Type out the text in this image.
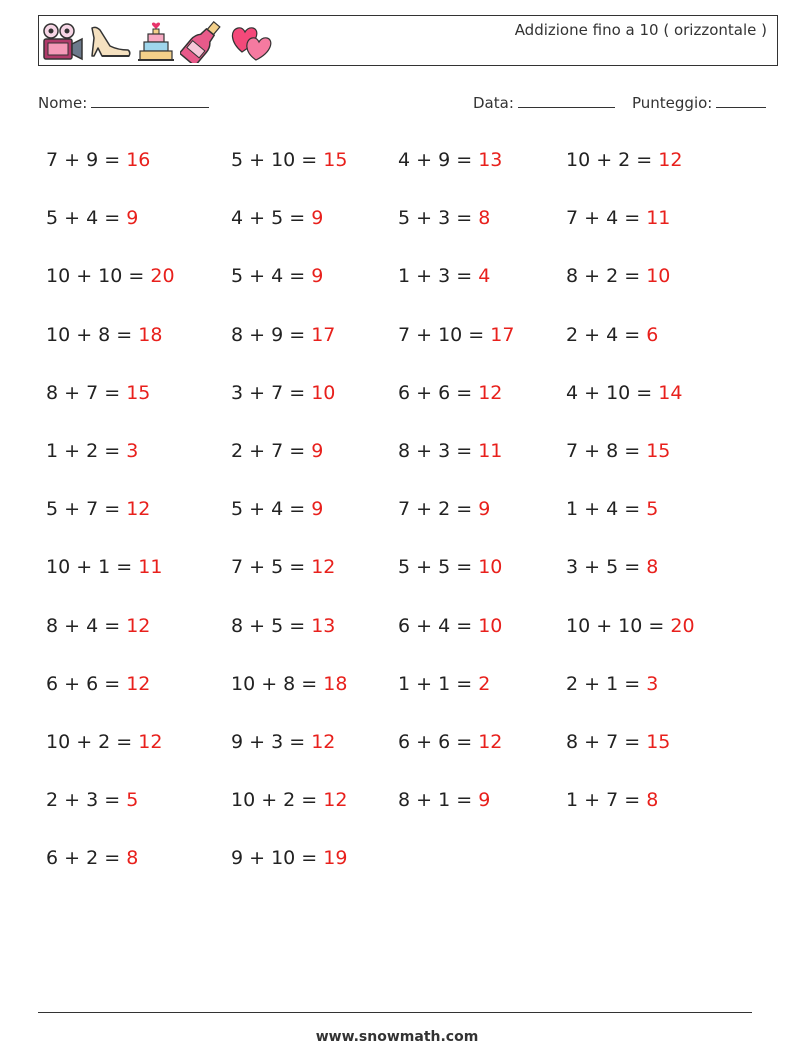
Addizione fino a 10 ( orizzontale )
Nome:	Data:	Punteggio:
7 + 9 = 16
5 + 4 = 9
10 + 10 = 20
10 + 8 = 18
8 + 7 = 15
1 + 2 = 3
5 + 7 = 12
10 + 1 = 11
8 + 4 = 12
6 + 6 = 12
10 + 2 = 12
2 + 3 = 5
6 + 2 = 8
5 + 10 = 15
4 + 5 = 9
5 + 4 = 9
8 + 9 = 17
3 + 7 = 10
2 + 7 = 9
5 + 4 = 9
7 + 5 = 12
8 + 5 = 13
10 + 8 = 18
9 + 3 = 12
10 + 2 = 12
9 + 10 = 19
4 + 9 = 13
5 + 3 = 8
1 + 3 = 4
7 + 10 = 17
6 + 6 = 12
8 + 3 = 11
7 + 2 = 9
5 + 5 = 10
6 + 4 = 10
1 + 1 = 2
6 + 6 = 12
8 + 1 = 9
10 + 2 = 12
7 + 4 = 11
8 + 2 = 10
2 + 4 = 6
4 + 10 = 14
7 + 8 = 15
1 + 4 = 5
3 + 5 = 8
10 + 10 = 20
2 + 1 = 3
8 + 7 = 15
1 + 7 = 8
www.snowmath.com
